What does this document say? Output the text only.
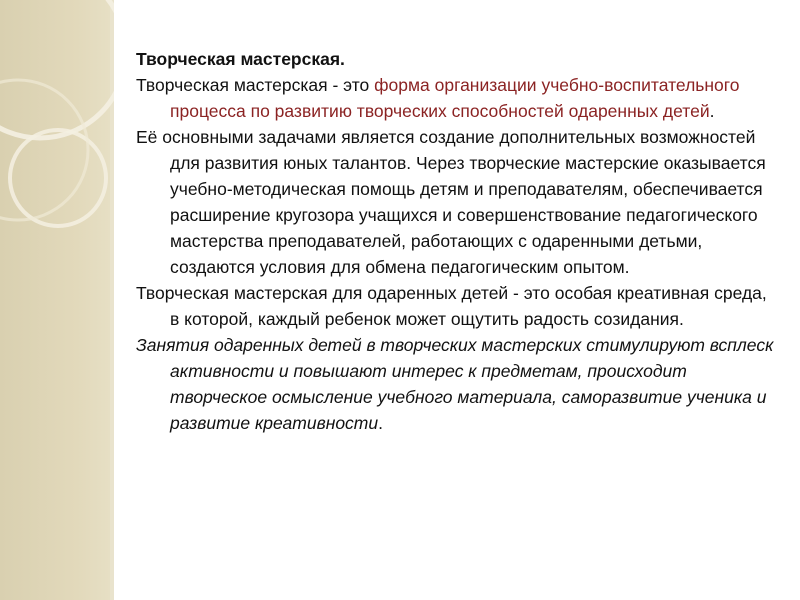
Творческая мастерская.

Творческая мастерская - это форма организации учебно-воспитательного процесса по развитию творческих способностей одаренных детей.

Её основными задачами является создание дополнительных возможностей для развития юных талантов. Через творческие мастерские оказывается учебно-методическая помощь детям и преподавателям, обеспечивается расширение кругозора учащихся и совершенствование педагогического мастерства преподавателей, работающих с одаренными детьми, создаются условия для обмена педагогическим опытом.

Творческая мастерская для одаренных детей - это особая креативная среда, в которой, каждый ребенок может ощутить радость созидания.

Занятия одаренных детей в творческих мастерских стимулируют всплеск активности и повышают интерес к предметам, происходит творческое осмысление учебного материала, саморазвитие ученика и развитие креативности.
